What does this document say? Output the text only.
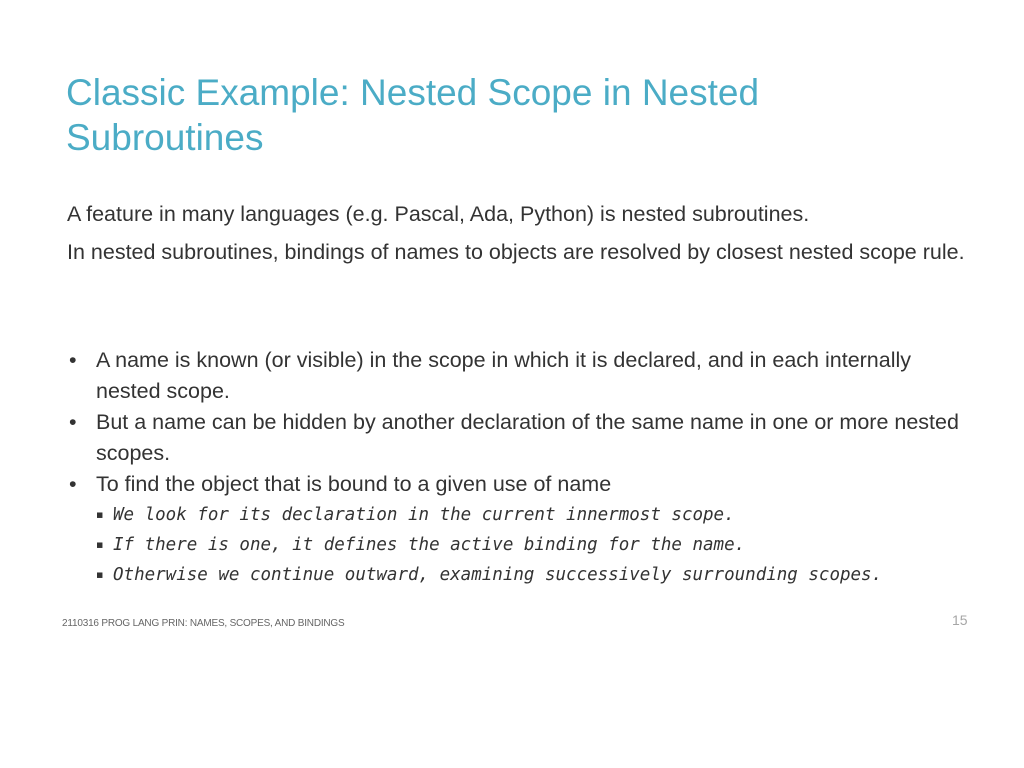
Classic Example: Nested Scope in Nested Subroutines
A feature in many languages (e.g. Pascal, Ada, Python) is nested subroutines.
In nested subroutines, bindings of names to objects are resolved by closest nested scope rule.
• A name is known (or visible) in the scope in which it is declared, and in each internally nested scope.
• But a name can be hidden by another declaration of the same name in one or more nested scopes.
• To find the object that is bound to a given use of name
▪ We look for its declaration in the current innermost scope.
▪ If there is one, it defines the active binding for the name.
▪ Otherwise we continue outward, examining successively surrounding scopes.
2110316 PROG LANG PRIN: NAMES, SCOPES, AND BINDINGS	15
